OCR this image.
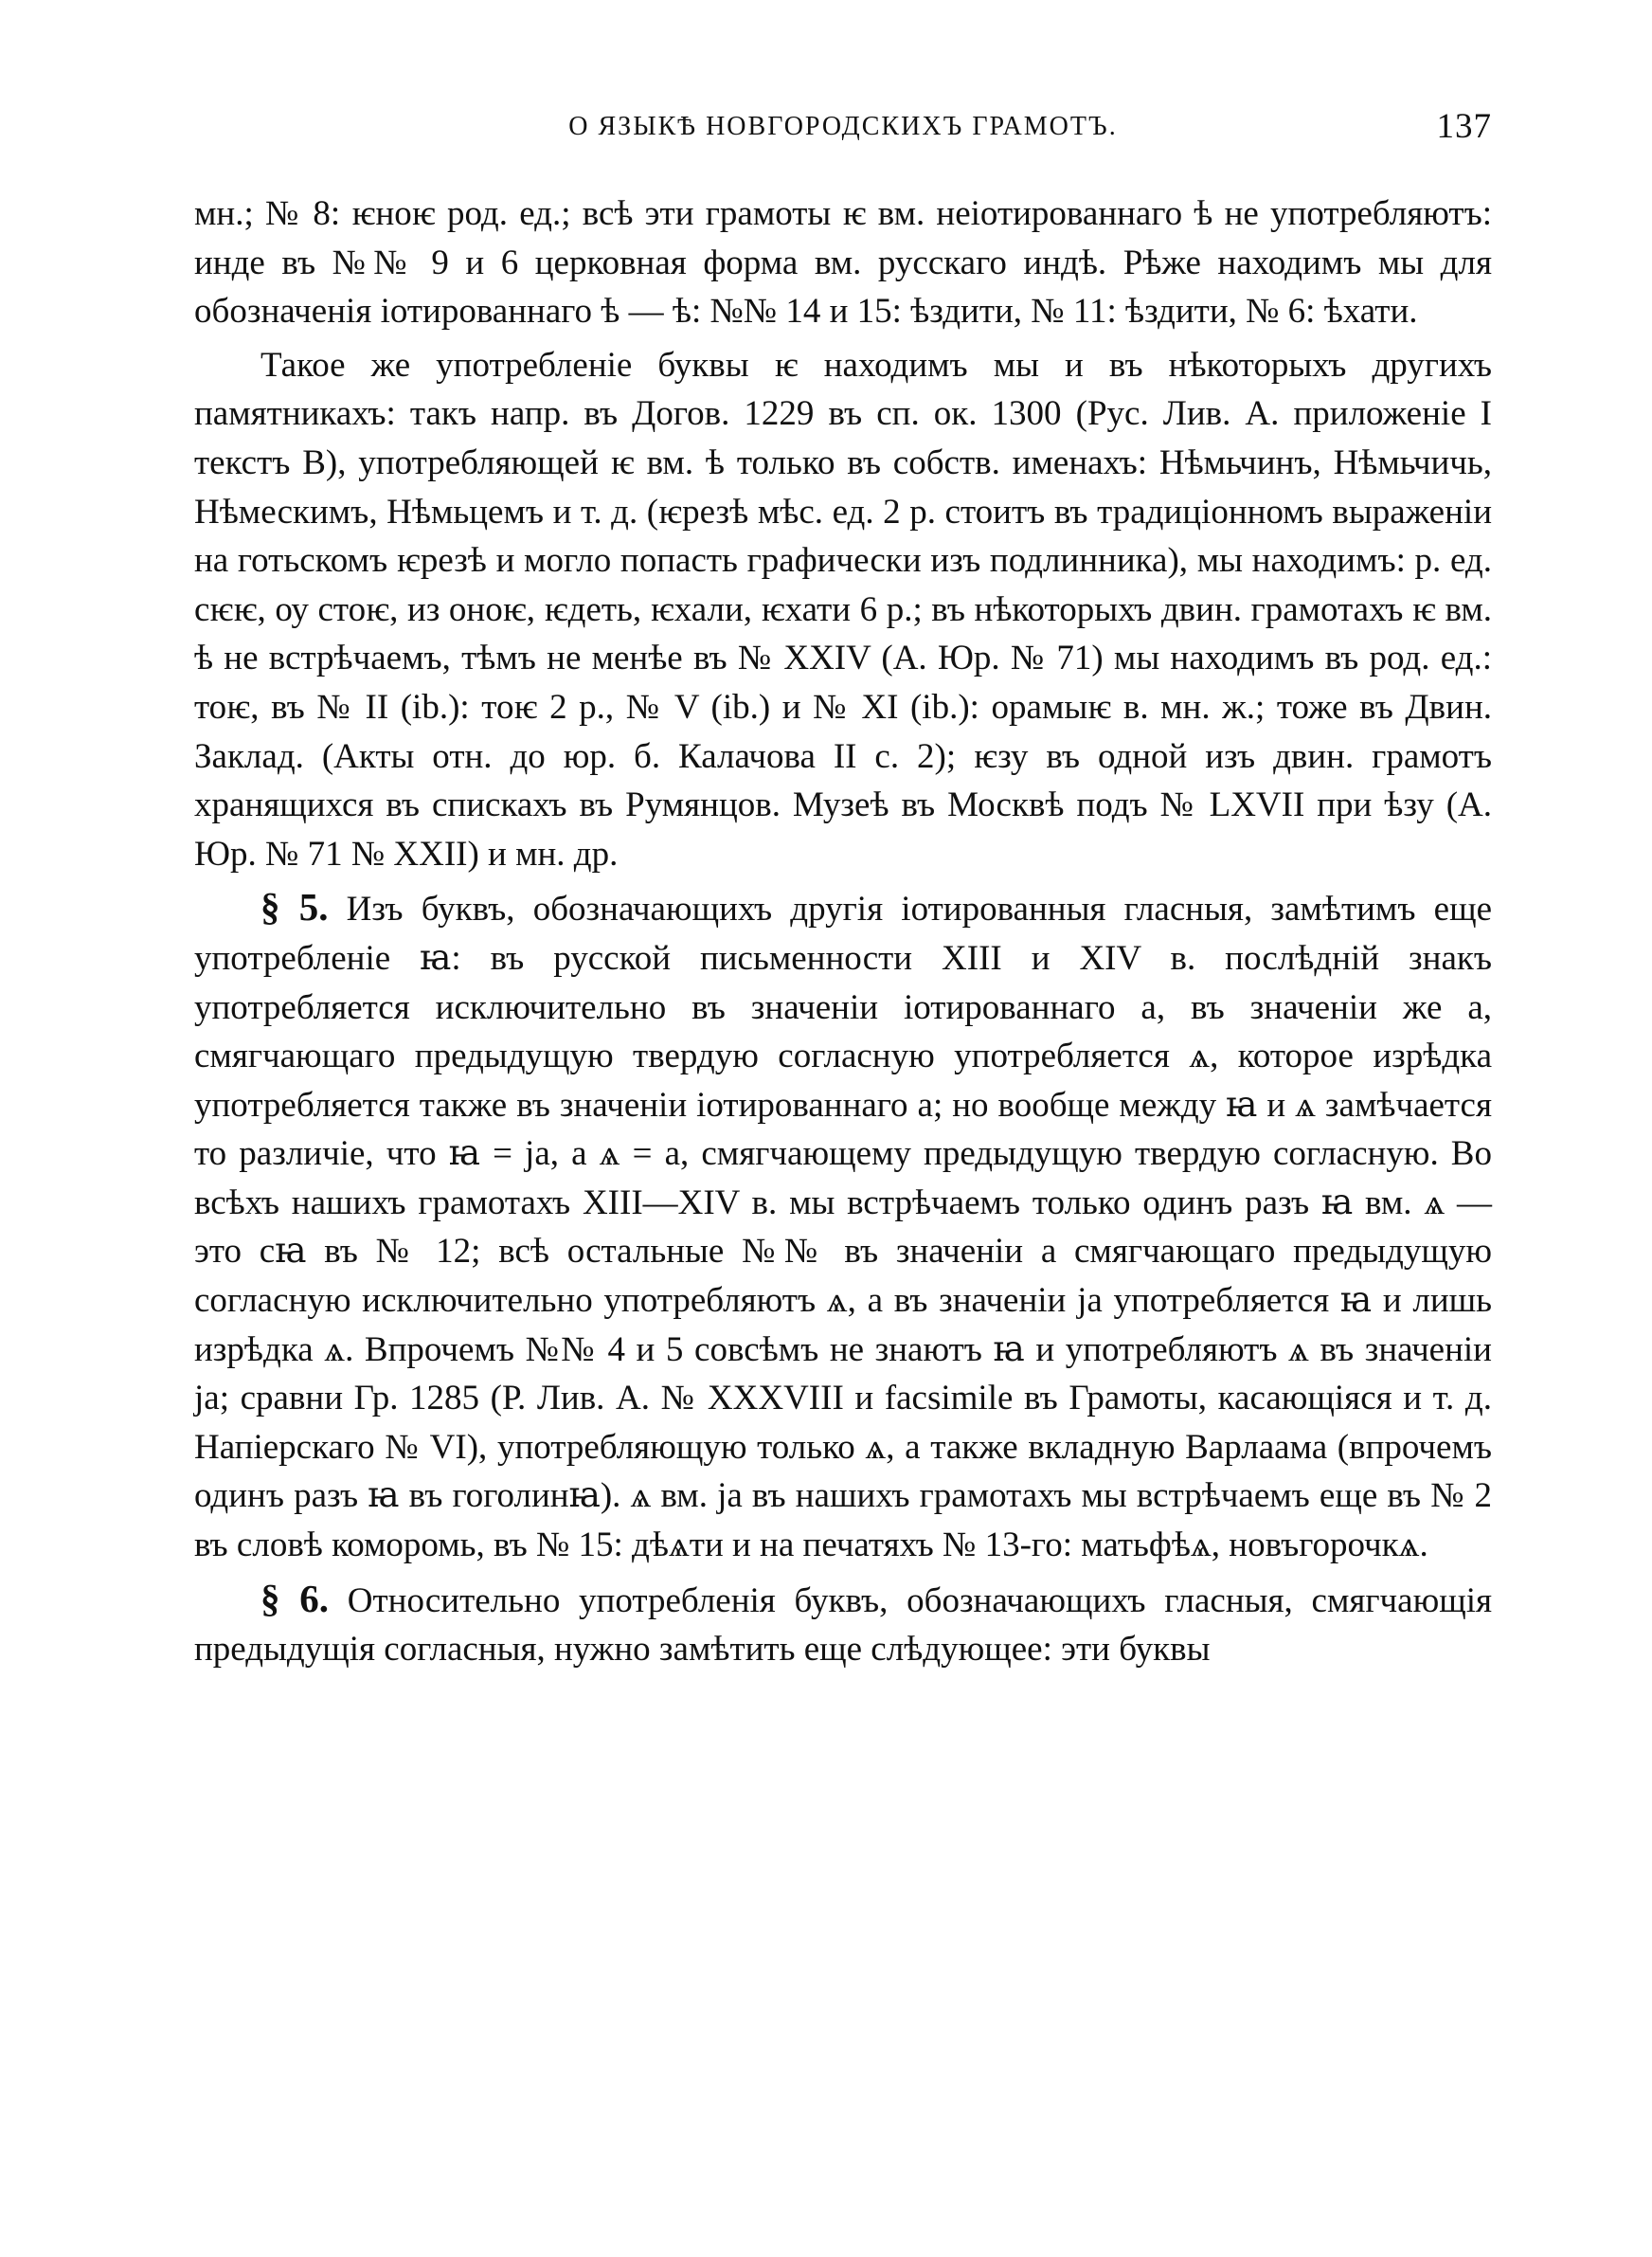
О ЯЗЫКѢ НОВГОРОДСКИХЪ ГРАМОТЪ.	137

мн.; № 8: ѥноѥ род. ед.; всѣ эти грамоты ѥ вм. неіотированнаго ѣ не употребляютъ: инде въ №№ 9 и 6 церковная форма вм. русскаго индѣ. Рѣже находимъ мы для обозначенія іотированнаго ѣ — ѣ: №№ 14 и 15: ѣздити, № 11: ѣздити, № 6: ѣхати.

Такое же употребленіе буквы ѥ находимъ мы и въ нѣкоторыхъ другихъ памятникахъ: такъ напр. въ Догов. 1229 въ сп. ок. 1300 (Рус. Лив. А. приложеніе I текстъ В), употребляющей ѥ вм. ѣ только въ собств. именахъ: Нѣмьчинъ, Нѣмьчичь, Нѣмескимъ, Нѣмьцемъ и т. д. (ѥрезѣ мѣс. ед. 2 р. стоитъ въ традиціонномъ выраженіи на готьскомъ ѥрезѣ и могло попасть графически изъ подлинника), мы находимъ: р. ед. сѥѥ, оу стоѥ, из оноѥ, ѥдеть, ѥхали, ѥхати 6 р.; въ нѣкоторыхъ двин. грамотахъ ѥ вм. ѣ не встрѣчаемъ, тѣмъ не менѣе въ № XXIV (А. Юр. № 71) мы находимъ въ род. ед.: тоѥ, въ № II (ib.): тоѥ 2 р., № V (ib.) и № XI (ib.): орамыѥ в. мн. ж.; тоже въ Двин. Заклад. (Акты отн. до юр. б. Калачова II с. 2); ѥзу въ одной изъ двин. грамотъ хранящихся въ спискахъ въ Румянцов. Музеѣ въ Москвѣ подъ № LXVII при ѣзу (А. Юр. № 71 № XXII) и мн. др.

§ 5. Изъ буквъ, обозначающихъ другія іотированныя гласныя, замѣтимъ еще употребленіе ꙗ: въ русской письменности XIII и XIV в. послѣдній знакъ употребляется исключительно въ значеніи іотированнаго а, въ значеніи же а, смягчающаго предыдущую твердую согласную употребляется ѧ, которое изрѣдка употребляется также въ значеніи іотированнаго а; но вообще между ꙗ и ѧ замѣчается то различіе, что ꙗ = ja, а ѧ = а, смягчающему предыдущую твердую согласную. Во всѣхъ нашихъ грамотахъ XIII—XIV в. мы встрѣчаемъ только одинъ разъ ꙗ вм. ѧ — это сꙗ въ № 12; всѣ остальные №№ въ значеніи а смягчающаго предыдущую согласную исключительно употребляютъ ѧ, а въ значеніи ja употребляется ꙗ и лишь изрѣдка ѧ. Впрочемъ №№ 4 и 5 совсѣмъ не знаютъ ꙗ и употребляютъ ѧ въ значеніи ja; сравни Гр. 1285 (Р. Лив. А. № XXXVIII и facsimile въ Грамоты, касающіяся и т. д. Напіерскаго № VI), употребляющую только ѧ, а также вкладную Варлаама (впрочемъ одинъ разъ ꙗ въ гоголинꙗ). ѧ вм. ja въ нашихъ грамотахъ мы встрѣчаемъ еще въ № 2 въ словѣ коморомь, въ № 15: дѣѧти и на печатяхъ № 13-го: матьфѣѧ, новъгорочкѧ.

§ 6. Относительно употребленія буквъ, обозначающихъ гласныя, смягчающія предыдущія согласныя, нужно замѣтить еще слѣдующее: эти буквы
